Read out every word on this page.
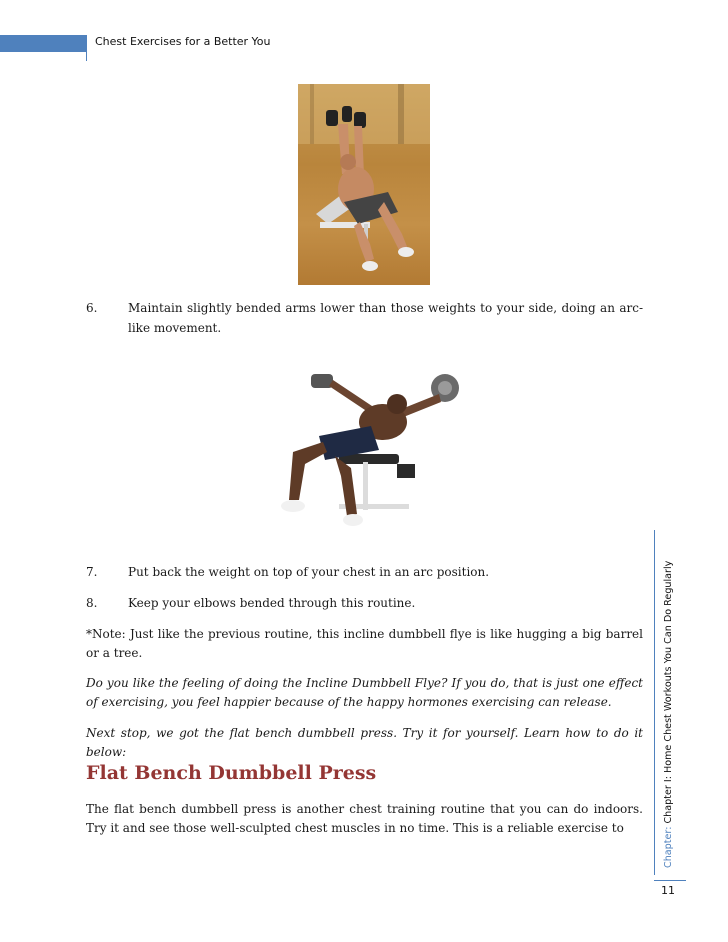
Chest Exercises for a Better You
6.	Maintain slightly bended arms lower than those weights to your side, doing an arc-like movement.
7.	Put back the weight on top of your chest in an arc position.
8.	Keep your elbows bended through this routine.

*Note: Just like the previous routine, this incline dumbbell flye is like hugging a big barrel or a tree.

Do you like the feeling of doing the Incline Dumbbell Flye? If you do, that is just one effect of exercising, you feel happier because of the happy hormones exercising can release.

Next stop, we got the flat bench dumbbell press. Try it for yourself. Learn how to do it below:

Flat Bench Dumbbell Press

The flat bench dumbbell press is another chest training routine that you can do indoors. Try it and see those well-sculpted chest muscles in no time. This is a reliable exercise to	Chapter: Chapter I: Home Chest Workouts You Can Do Regularly
11
